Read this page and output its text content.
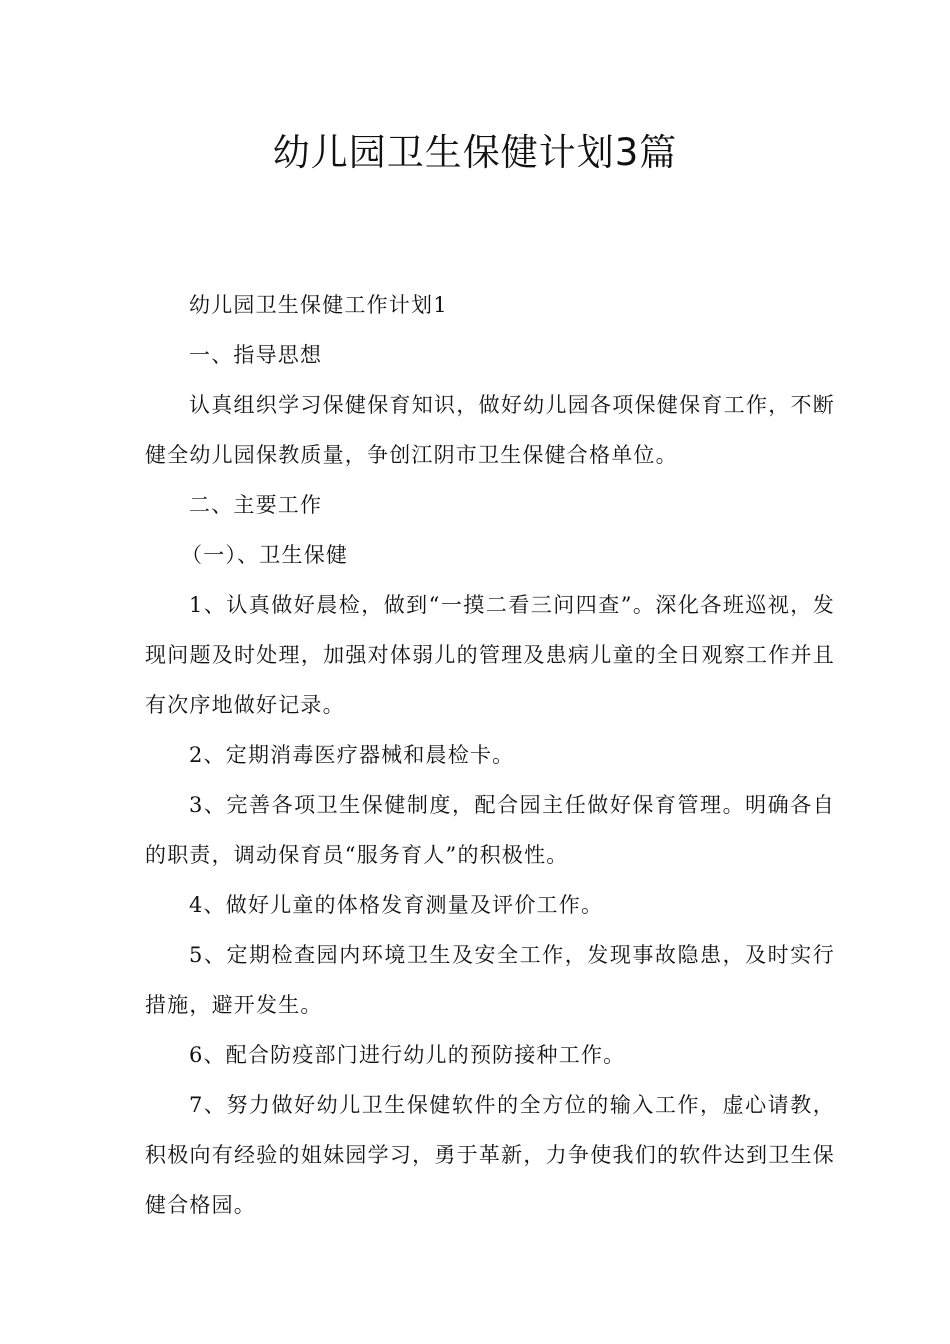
幼儿园卫生保健计划3篇

幼儿园卫生保健工作计划1

一、指导思想

认真组织学习保健保育知识，做好幼儿园各项保健保育工作，不断健全幼儿园保教质量，争创江阴市卫生保健合格单位。

二、主要工作

（一）、卫生保健

1、认真做好晨检，做到“一摸二看三问四查”。深化各班巡视，发现问题及时处理，加强对体弱儿的管理及患病儿童的全日观察工作并且有次序地做好记录。

2、定期消毒医疗器械和晨检卡。

3、完善各项卫生保健制度，配合园主任做好保育管理。明确各自的职责，调动保育员“服务育人”的积极性。

4、做好儿童的体格发育测量及评价工作。

5、定期检查园内环境卫生及安全工作，发现事故隐患，及时实行措施，避开发生。

6、配合防疫部门进行幼儿的预防接种工作。

7、努力做好幼儿卫生保健软件的全方位的输入工作，虚心请教，积极向有经验的姐妹园学习，勇于革新，力争使我们的软件达到卫生保健合格园。
